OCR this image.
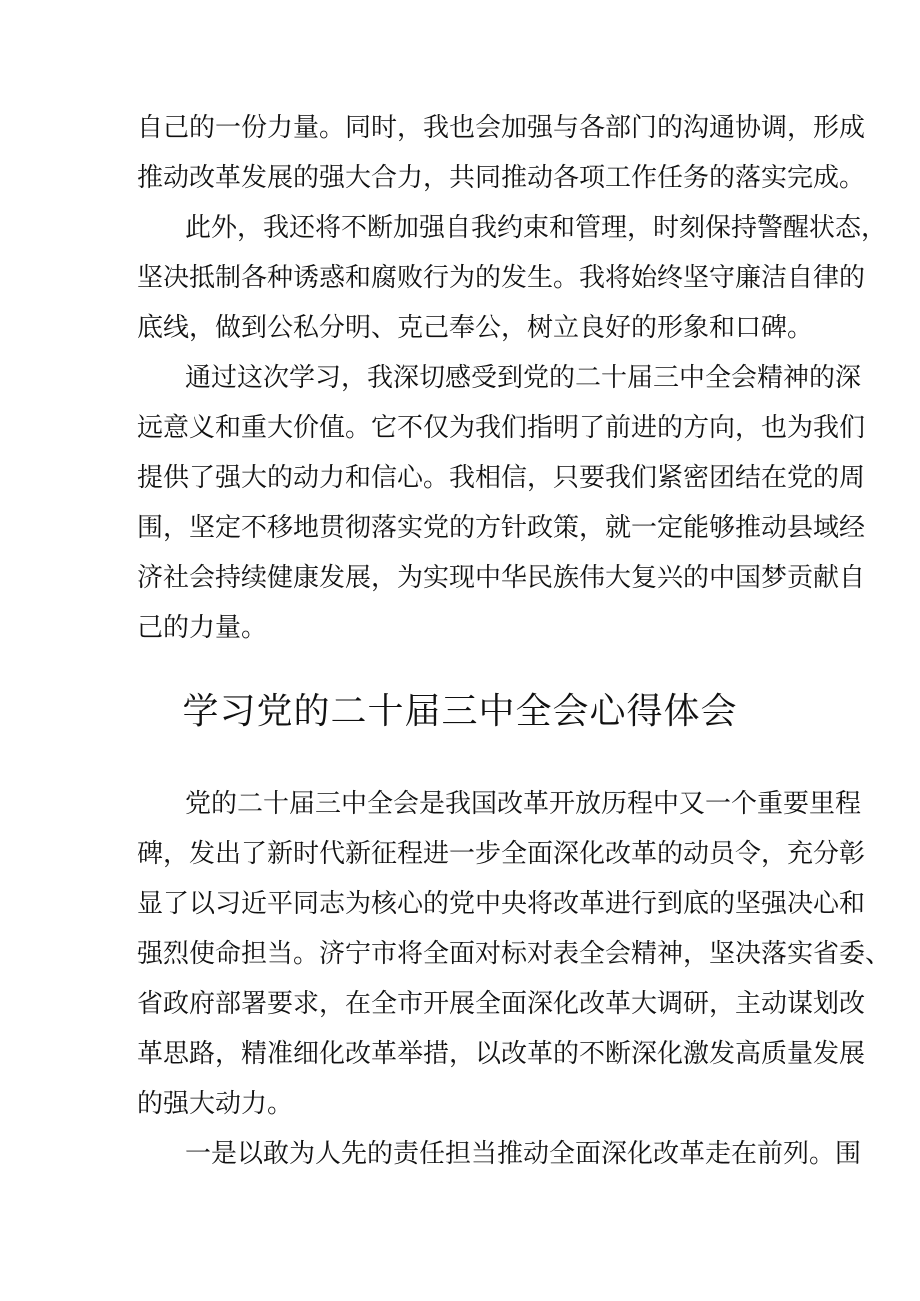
自己的一份力量。同时，我也会加强与各部门的沟通协调，形成
推动改革发展的强大合力，共同推动各项工作任务的落实完成。
此外，我还将不断加强自我约束和管理，时刻保持警醒状态，
坚决抵制各种诱惑和腐败行为的发生。我将始终坚守廉洁自律的
底线，做到公私分明、克己奉公，树立良好的形象和口碑。
通过这次学习，我深切感受到党的二十届三中全会精神的深
远意义和重大价值。它不仅为我们指明了前进的方向，也为我们
提供了强大的动力和信心。我相信，只要我们紧密团结在党的周
围，坚定不移地贯彻落实党的方针政策，就一定能够推动县域经
济社会持续健康发展，为实现中华民族伟大复兴的中国梦贡献自
己的力量。
学习党的二十届三中全会心得体会
党的二十届三中全会是我国改革开放历程中又一个重要里程
碑，发出了新时代新征程进一步全面深化改革的动员令，充分彰
显了以习近平同志为核心的党中央将改革进行到底的坚强决心和
强烈使命担当。济宁市将全面对标对表全会精神，坚决落实省委、
省政府部署要求，在全市开展全面深化改革大调研，主动谋划改
革思路，精准细化改革举措，以改革的不断深化激发高质量发展
的强大动力。
一是以敢为人先的责任担当推动全面深化改革走在前列。围
